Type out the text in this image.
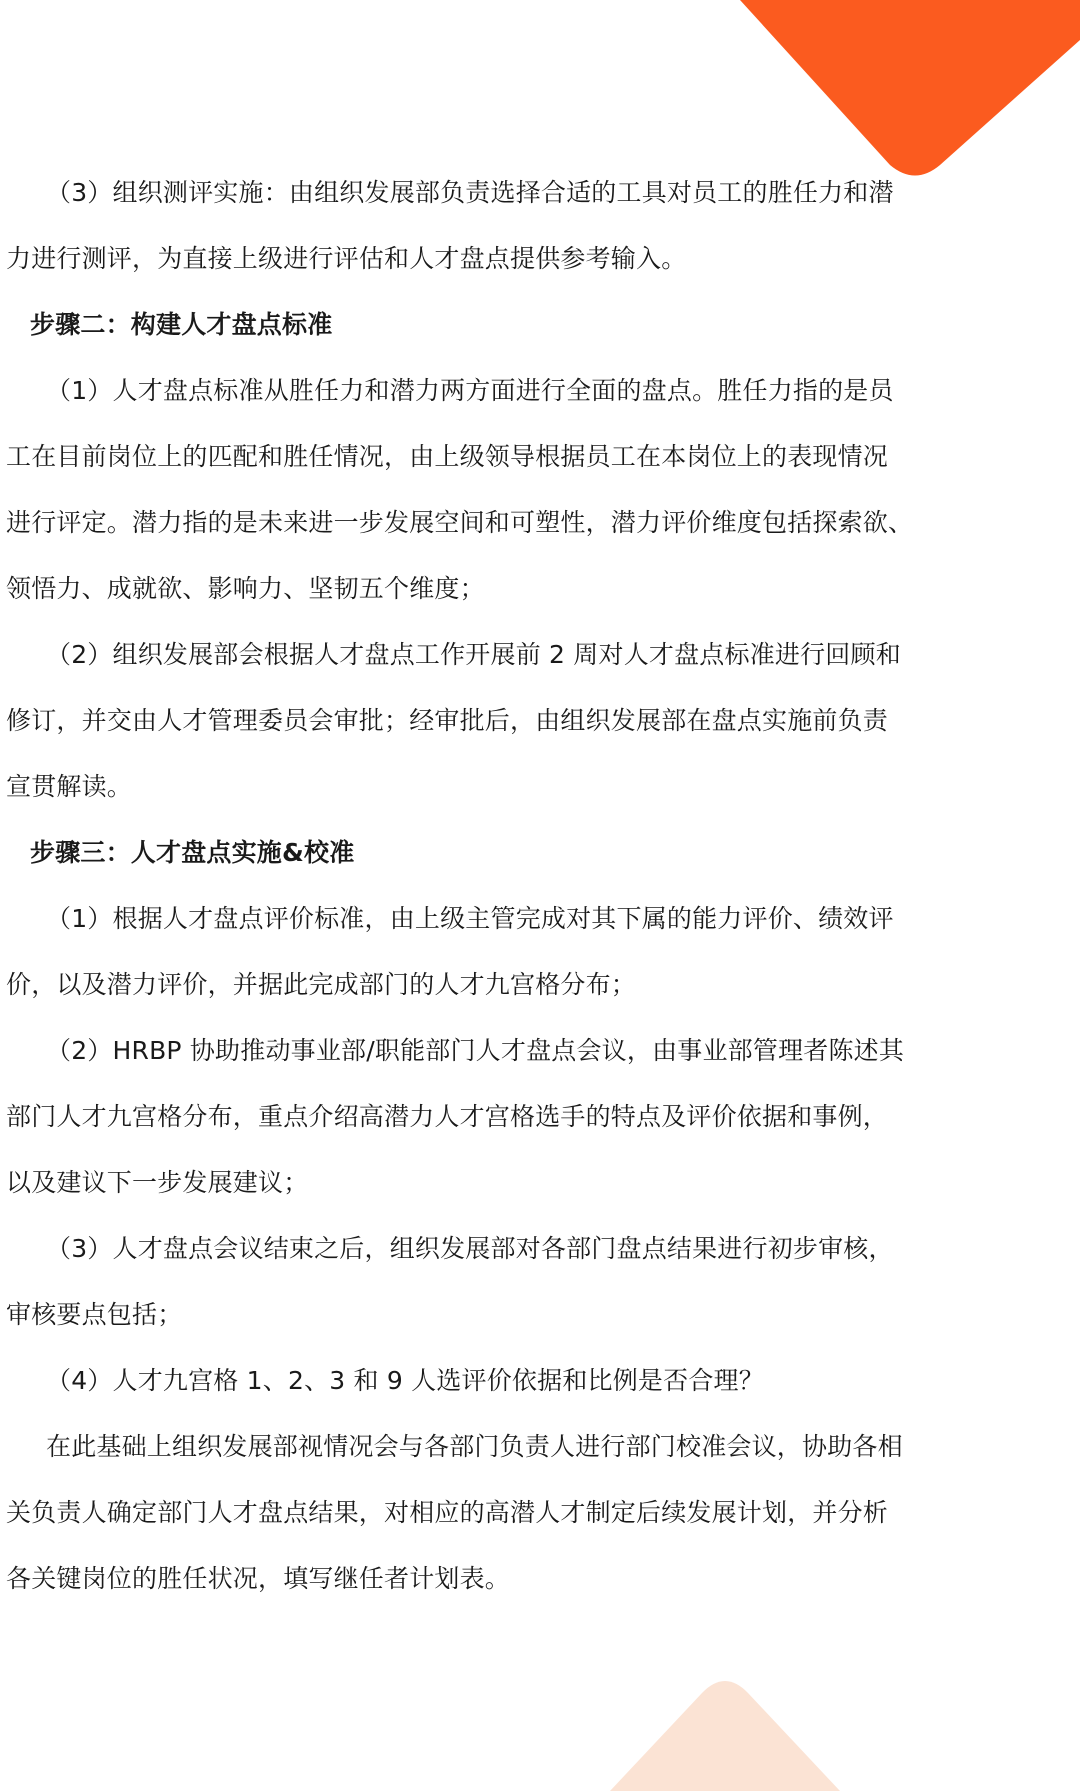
（3）组织测评实施：由组织发展部负责选择合适的工具对员工的胜任力和潜
力进行测评，为直接上级进行评估和人才盘点提供参考输入。
步骤二：构建人才盘点标准
（1）人才盘点标准从胜任力和潜力两方面进行全面的盘点。胜任力指的是员
工在目前岗位上的匹配和胜任情况，由上级领导根据员工在本岗位上的表现情况
进行评定。潜力指的是未来进一步发展空间和可塑性，潜力评价维度包括探索欲、
领悟力、成就欲、影响力、坚韧五个维度；
（2）组织发展部会根据人才盘点工作开展前 2 周对人才盘点标准进行回顾和
修订，并交由人才管理委员会审批；经审批后，由组织发展部在盘点实施前负责
宣贯解读。
步骤三：人才盘点实施&校准
（1）根据人才盘点评价标准，由上级主管完成对其下属的能力评价、绩效评
价，以及潜力评价，并据此完成部门的人才九宫格分布；
（2）HRBP 协助推动事业部/职能部门人才盘点会议，由事业部管理者陈述其
部门人才九宫格分布，重点介绍高潜力人才宫格选手的特点及评价依据和事例，
以及建议下一步发展建议；
（3）人才盘点会议结束之后，组织发展部对各部门盘点结果进行初步审核，
审核要点包括；
（4）人才九宫格 1、2、3 和 9 人选评价依据和比例是否合理？
在此基础上组织发展部视情况会与各部门负责人进行部门校准会议，协助各相
关负责人确定部门人才盘点结果，对相应的高潜人才制定后续发展计划，并分析
各关键岗位的胜任状况，填写继任者计划表。
